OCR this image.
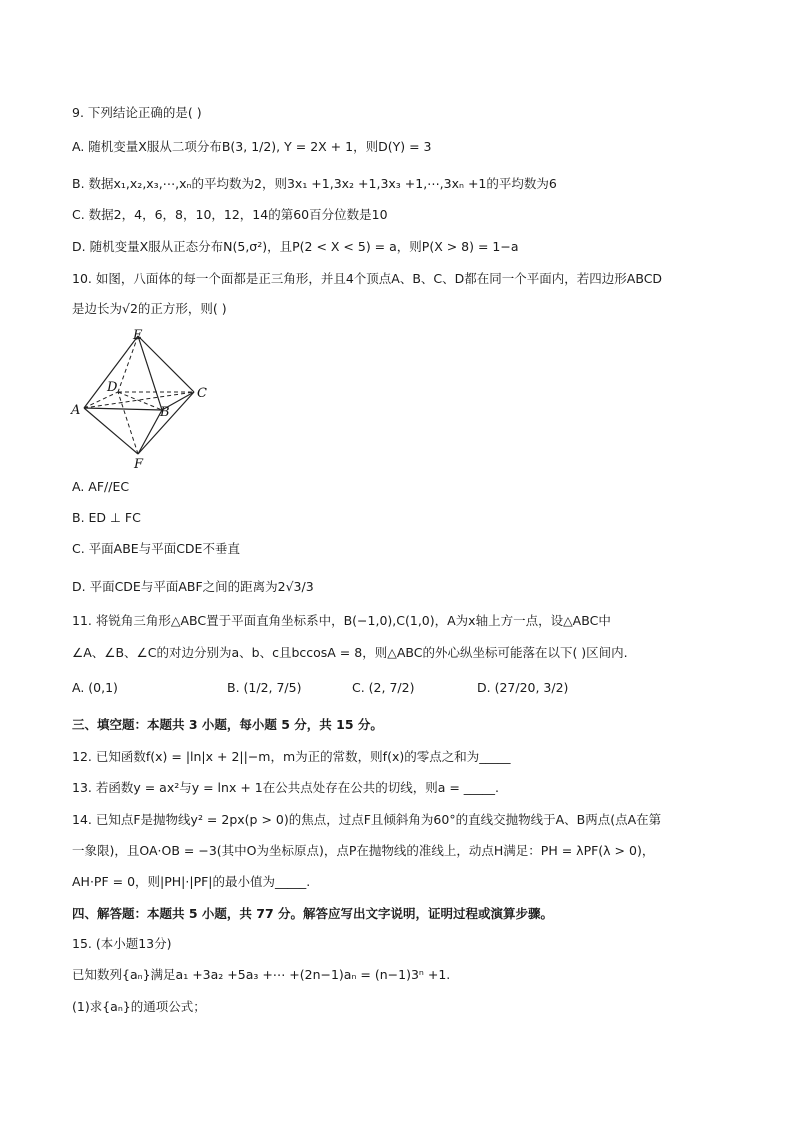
9. 下列结论正确的是( )
A. 随机变量X服从二项分布B(3, 1/2), Y = 2X + 1，则D(Y) = 3
B. 数据x₁,x₂,x₃,⋯,xₙ的平均数为2，则3x₁ +1,3x₂ +1,3x₃ +1,⋯,3xₙ +1的平均数为6
C. 数据2，4，6，8，10，12，14的第60百分位数是10
D. 随机变量X服从正态分布N(5,σ²)，且P(2 < X < 5) = a，则P(X > 8) = 1−a
10. 如图，八面体的每一个面都是正三角形，并且4个顶点A、B、C、D都在同一个平面内，若四边形ABCD
是边长为√2的正方形，则( )
E
D	C
A	B
F
A. AF//EC
B. ED ⊥ FC
C. 平面ABE与平面CDE不垂直
D. 平面CDE与平面ABF之间的距离为2√3/3
11. 将锐角三角形△ABC置于平面直角坐标系中，B(−1,0),C(1,0)，A为x轴上方一点，设△ABC中
∠A、∠B、∠C的对边分别为a、b、c且bccosA = 8，则△ABC的外心纵坐标可能落在以下( )区间内.
A. (0,1)	B. (1/2, 7/5)	C. (2, 7/2)	D. (27/20, 3/2)
三、填空题：本题共 3 小题，每小题 5 分，共 15 分。
12. 已知函数f(x) = |ln|x + 2||−m，m为正的常数，则f(x)的零点之和为_____
13. 若函数y = ax²与y = lnx + 1在公共点处存在公共的切线，则a = _____.
14. 已知点F是抛物线y² = 2px(p > 0)的焦点，过点F且倾斜角为60°的直线交抛物线于A、B两点(点A在第
一象限)，且OA·OB = −3(其中O为坐标原点)，点P在抛物线的准线上，动点H满足：PH = λPF(λ > 0)，
AH·PF = 0，则|PH|·|PF|的最小值为_____.
四、解答题：本题共 5 小题，共 77 分。解答应写出文字说明，证明过程或演算步骤。
15. (本小题13分)
已知数列{aₙ}满足a₁ +3a₂ +5a₃ +⋯ +(2n−1)aₙ = (n−1)3ⁿ +1.
(1)求{aₙ}的通项公式；
